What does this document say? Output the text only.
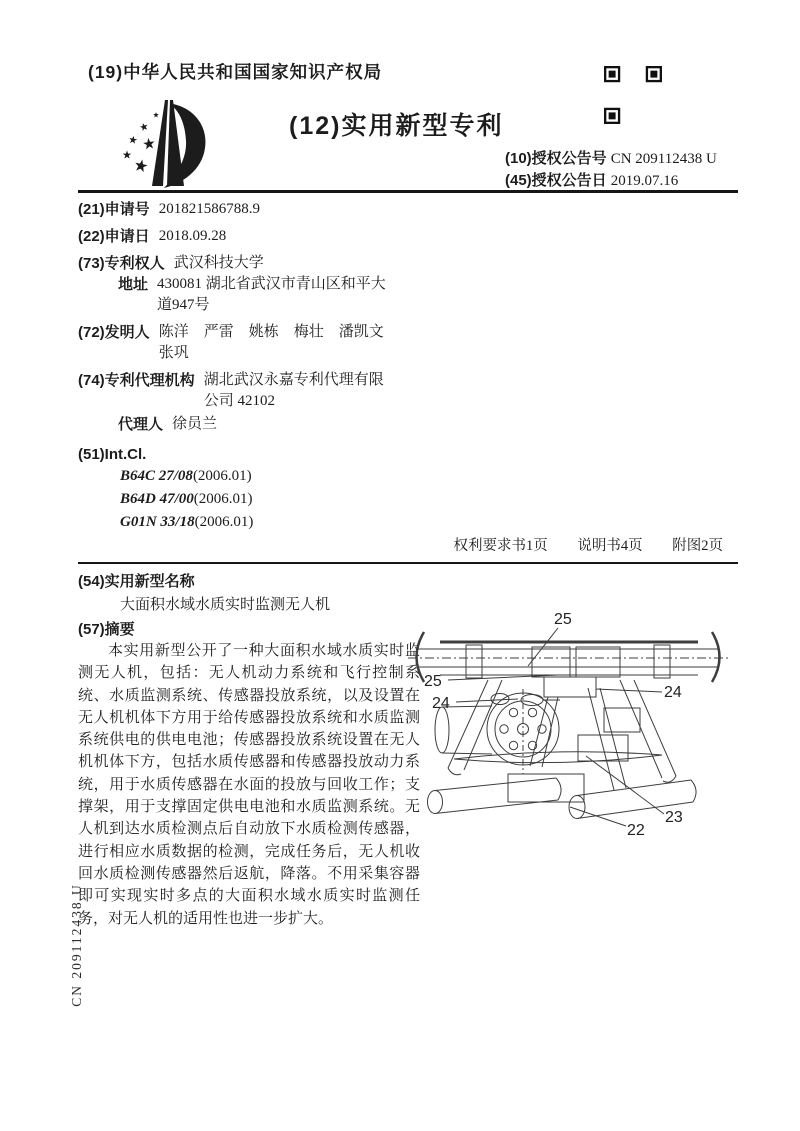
(19)中华人民共和国国家知识产权局
(12)实用新型专利
(10)授权公告号 CN 209112438 U
(45)授权公告日 2019.07.16
(21)申请号 201821586788.9
(22)申请日 2018.09.28
(73)专利权人 武汉科技大学
地址 430081 湖北省武汉市青山区和平大
道947号
(72)发明人 陈洋　严雷　姚栋　梅壮　潘凯文
张巩
(74)专利代理机构 湖北武汉永嘉专利代理有限
公司 42102
代理人 徐员兰
(51)Int.Cl.
B64C 27/08(2006.01)
B64D 47/00(2006.01)
G01N 33/18(2006.01)
权利要求书1页 说明书4页 附图2页
(54)实用新型名称
大面积水域水质实时监测无人机
(57)摘要
本实用新型公开了一种大面积水域水质实时监测无人机，包括：无人机动力系统和飞行控制系统、水质监测系统、传感器投放系统，以及设置在无人机机体下方用于给传感器投放系统和水质监测系统供电的供电电池；传感器投放系统设置在无人机机体下方，包括水质传感器和传感器投放动力系统，用于水质传感器在水面的投放与回收工作；支撑架，用于支撑固定供电电池和水质监测系统。无人机到达水质检测点后自动放下水质检测传感器，进行相应水质数据的检测，完成任务后，无人机收回水质检测传感器然后返航，降落。不用采集容器即可实现实时多点的大面积水域水质实时监测任务，对无人机的适用性也进一步扩大。
25
25
24
24
23
22
CN 209112438 U
